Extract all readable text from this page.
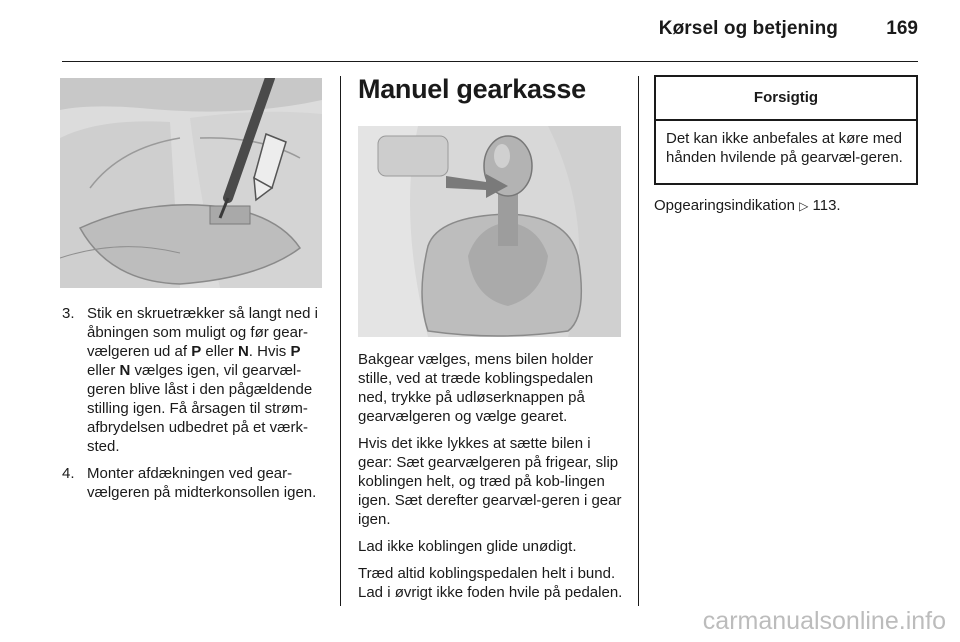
Kørsel og betjening	169
3. Stik en skruetrækker så langt ned i åbningen som muligt og før gear-vælgeren ud af P eller N. Hvis P eller N vælges igen, vil gearvæl-geren blive låst i den pågældende stilling igen. Få årsagen til strøm-afbrydelsen udbedret på et værk-sted.
4. Monter afdækningen ved gear-vælgeren på midterkonsollen igen.
Manuel gearkasse

Bakgear vælges, mens bilen holder stille, ved at træde koblingspedalen ned, trykke på udløserknappen på gearvælgeren og vælge gearet.

Hvis det ikke lykkes at sætte bilen i gear: Sæt gearvælgeren på frigear, slip koblingen helt, og træd på kob-lingen igen. Sæt derefter gearvæl-geren i gear igen.

Lad ikke koblingen glide unødigt.

Træd altid koblingspedalen helt i bund. Lad i øvrigt ikke foden hvile på pedalen.

Forsigtig
Det kan ikke anbefales at køre med hånden hvilende på gearvæl-geren.
Opgearingsindikation ▷ 113.
carmanualsonline.info
